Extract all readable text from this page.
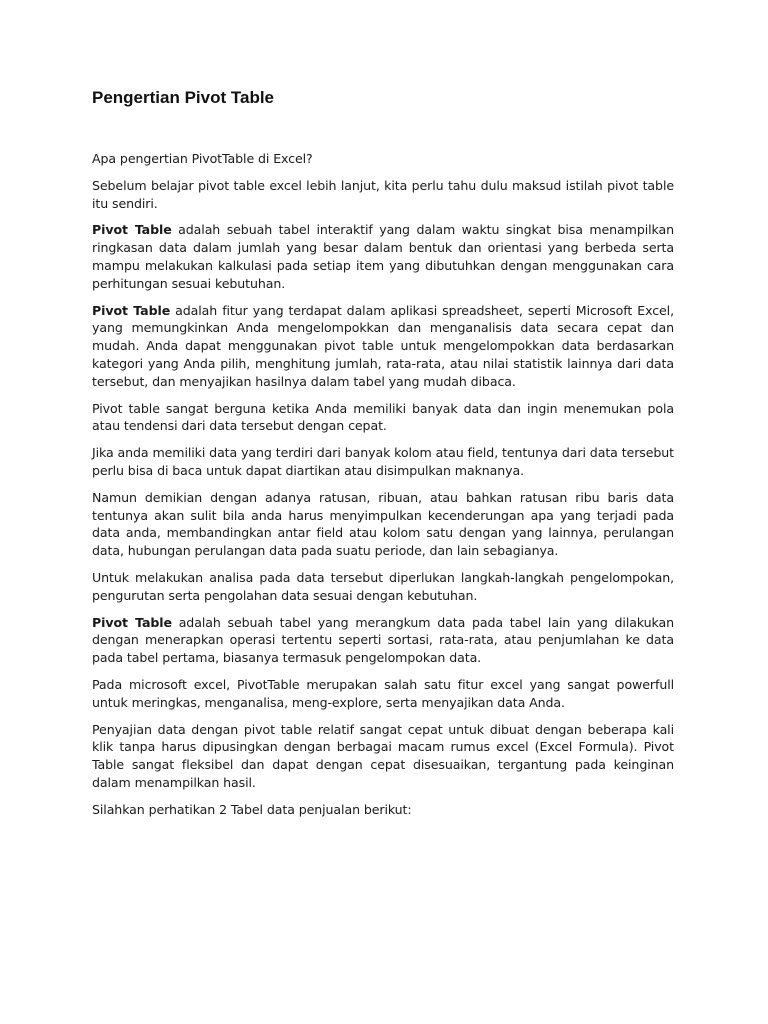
Pengertian Pivot Table

Apa pengertian PivotTable di Excel?

Sebelum belajar pivot table excel lebih lanjut, kita perlu tahu dulu maksud istilah pivot table itu sendiri.

Pivot Table adalah sebuah tabel interaktif yang dalam waktu singkat bisa menampilkan ringkasan data dalam jumlah yang besar dalam bentuk dan orientasi yang berbeda serta mampu melakukan kalkulasi pada setiap item yang dibutuhkan dengan menggunakan cara perhitungan sesuai kebutuhan.

Pivot Table adalah fitur yang terdapat dalam aplikasi spreadsheet, seperti Microsoft Excel, yang memungkinkan Anda mengelompokkan dan menganalisis data secara cepat dan mudah. Anda dapat menggunakan pivot table untuk mengelompokkan data berdasarkan kategori yang Anda pilih, menghitung jumlah, rata-rata, atau nilai statistik lainnya dari data tersebut, dan menyajikan hasilnya dalam tabel yang mudah dibaca.

Pivot table sangat berguna ketika Anda memiliki banyak data dan ingin menemukan pola atau tendensi dari data tersebut dengan cepat.

Jika anda memiliki data yang terdiri dari banyak kolom atau field, tentunya dari data tersebut perlu bisa di baca untuk dapat diartikan atau disimpulkan maknanya.

Namun demikian dengan adanya ratusan, ribuan, atau bahkan ratusan ribu baris data tentunya akan sulit bila anda harus menyimpulkan kecenderungan apa yang terjadi pada data anda, membandingkan antar field atau kolom satu dengan yang lainnya, perulangan data, hubungan perulangan data pada suatu periode, dan lain sebagianya.

Untuk melakukan analisa pada data tersebut diperlukan langkah-langkah pengelompokan, pengurutan serta pengolahan data sesuai dengan kebutuhan.

Pivot Table adalah sebuah tabel yang merangkum data pada tabel lain yang dilakukan dengan menerapkan operasi tertentu seperti sortasi, rata-rata, atau penjumlahan ke data pada tabel pertama, biasanya termasuk pengelompokan data.

Pada microsoft excel, PivotTable merupakan salah satu fitur excel yang sangat powerfull untuk meringkas, menganalisa, meng-explore, serta menyajikan data Anda.

Penyajian data dengan pivot table relatif sangat cepat untuk dibuat dengan beberapa kali klik tanpa harus dipusingkan dengan berbagai macam rumus excel (Excel Formula). Pivot Table sangat fleksibel dan dapat dengan cepat disesuaikan, tergantung pada keinginan dalam menampilkan hasil.

Silahkan perhatikan 2 Tabel data penjualan berikut:
